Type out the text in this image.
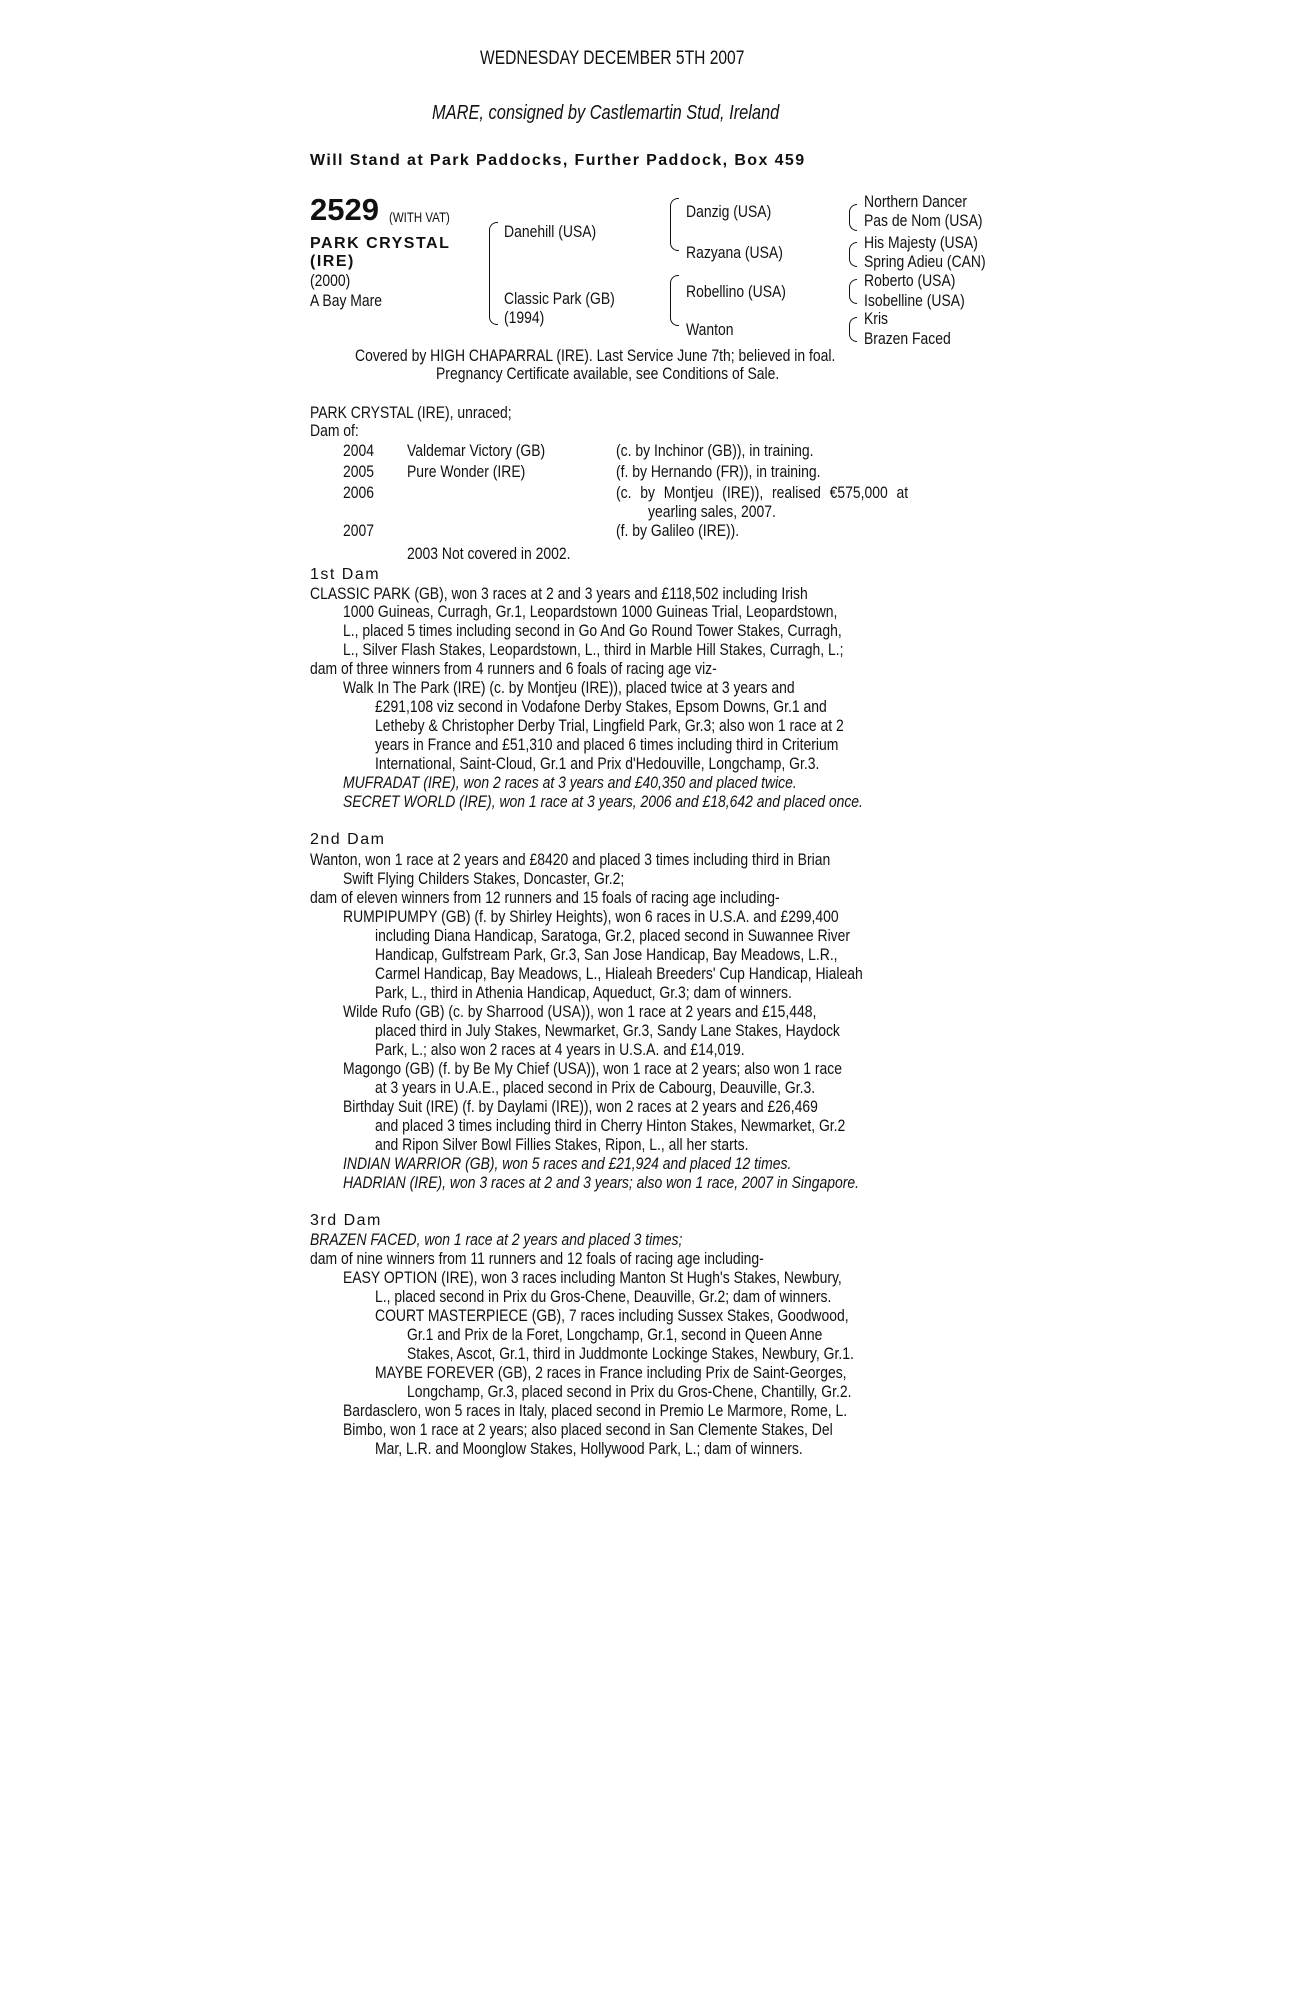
WEDNESDAY DECEMBER 5TH 2007
MARE, consigned by Castlemartin Stud, Ireland
Will Stand at Park Paddocks, Further Paddock, Box 459
2529 (WITH VAT)
PARK CRYSTAL
(IRE)
(2000)
A Bay Mare
Danehill (USA)
Classic Park (GB)
(1994)
Danzig (USA)
Razyana (USA)
Robellino (USA)
Wanton
Northern Dancer
Pas de Nom (USA)
His Majesty (USA)
Spring Adieu (CAN)
Roberto (USA)
Isobelline (USA)
Kris
Brazen Faced
Covered by HIGH CHAPARRAL (IRE). Last Service June 7th; believed in foal.
Pregnancy Certificate available, see Conditions of Sale.
PARK CRYSTAL (IRE), unraced;
Dam of:
2004 Valdemar Victory (GB)	(c. by Inchinor (GB)), in training.
2005 Pure Wonder (IRE)	(f. by Hernando (FR)), in training.
2006	(c. by Montjeu (IRE)), realised €575,000 at
yearling sales, 2007.
2007	(f. by Galileo (IRE)).
2003 Not covered in 2002.
1st Dam
CLASSIC PARK (GB), won 3 races at 2 and 3 years and £118,502 including Irish
1000 Guineas, Curragh, Gr.1, Leopardstown 1000 Guineas Trial, Leopardstown,
L., placed 5 times including second in Go And Go Round Tower Stakes, Curragh,
L., Silver Flash Stakes, Leopardstown, L., third in Marble Hill Stakes, Curragh, L.;
dam of three winners from 4 runners and 6 foals of racing age viz-
Walk In The Park (IRE) (c. by Montjeu (IRE)), placed twice at 3 years and
£291,108 viz second in Vodafone Derby Stakes, Epsom Downs, Gr.1 and
Letheby & Christopher Derby Trial, Lingfield Park, Gr.3; also won 1 race at 2
years in France and £51,310 and placed 6 times including third in Criterium
International, Saint-Cloud, Gr.1 and Prix d'Hedouville, Longchamp, Gr.3.
MUFRADAT (IRE), won 2 races at 3 years and £40,350 and placed twice.
SECRET WORLD (IRE), won 1 race at 3 years, 2006 and £18,642 and placed once.
2nd Dam
Wanton, won 1 race at 2 years and £8420 and placed 3 times including third in Brian
Swift Flying Childers Stakes, Doncaster, Gr.2;
dam of eleven winners from 12 runners and 15 foals of racing age including-
RUMPIPUMPY (GB) (f. by Shirley Heights), won 6 races in U.S.A. and £299,400
including Diana Handicap, Saratoga, Gr.2, placed second in Suwannee River
Handicap, Gulfstream Park, Gr.3, San Jose Handicap, Bay Meadows, L.R.,
Carmel Handicap, Bay Meadows, L., Hialeah Breeders' Cup Handicap, Hialeah
Park, L., third in Athenia Handicap, Aqueduct, Gr.3; dam of winners.
Wilde Rufo (GB) (c. by Sharrood (USA)), won 1 race at 2 years and £15,448,
placed third in July Stakes, Newmarket, Gr.3, Sandy Lane Stakes, Haydock
Park, L.; also won 2 races at 4 years in U.S.A. and £14,019.
Magongo (GB) (f. by Be My Chief (USA)), won 1 race at 2 years; also won 1 race
at 3 years in U.A.E., placed second in Prix de Cabourg, Deauville, Gr.3.
Birthday Suit (IRE) (f. by Daylami (IRE)), won 2 races at 2 years and £26,469
and placed 3 times including third in Cherry Hinton Stakes, Newmarket, Gr.2
and Ripon Silver Bowl Fillies Stakes, Ripon, L., all her starts.
INDIAN WARRIOR (GB), won 5 races and £21,924 and placed 12 times.
HADRIAN (IRE), won 3 races at 2 and 3 years; also won 1 race, 2007 in Singapore.
3rd Dam
BRAZEN FACED, won 1 race at 2 years and placed 3 times;
dam of nine winners from 11 runners and 12 foals of racing age including-
EASY OPTION (IRE), won 3 races including Manton St Hugh's Stakes, Newbury,
L., placed second in Prix du Gros-Chene, Deauville, Gr.2; dam of winners.
COURT MASTERPIECE (GB), 7 races including Sussex Stakes, Goodwood,
Gr.1 and Prix de la Foret, Longchamp, Gr.1, second in Queen Anne
Stakes, Ascot, Gr.1, third in Juddmonte Lockinge Stakes, Newbury, Gr.1.
MAYBE FOREVER (GB), 2 races in France including Prix de Saint-Georges,
Longchamp, Gr.3, placed second in Prix du Gros-Chene, Chantilly, Gr.2.
Bardasclero, won 5 races in Italy, placed second in Premio Le Marmore, Rome, L.
Bimbo, won 1 race at 2 years; also placed second in San Clemente Stakes, Del
Mar, L.R. and Moonglow Stakes, Hollywood Park, L.; dam of winners.
